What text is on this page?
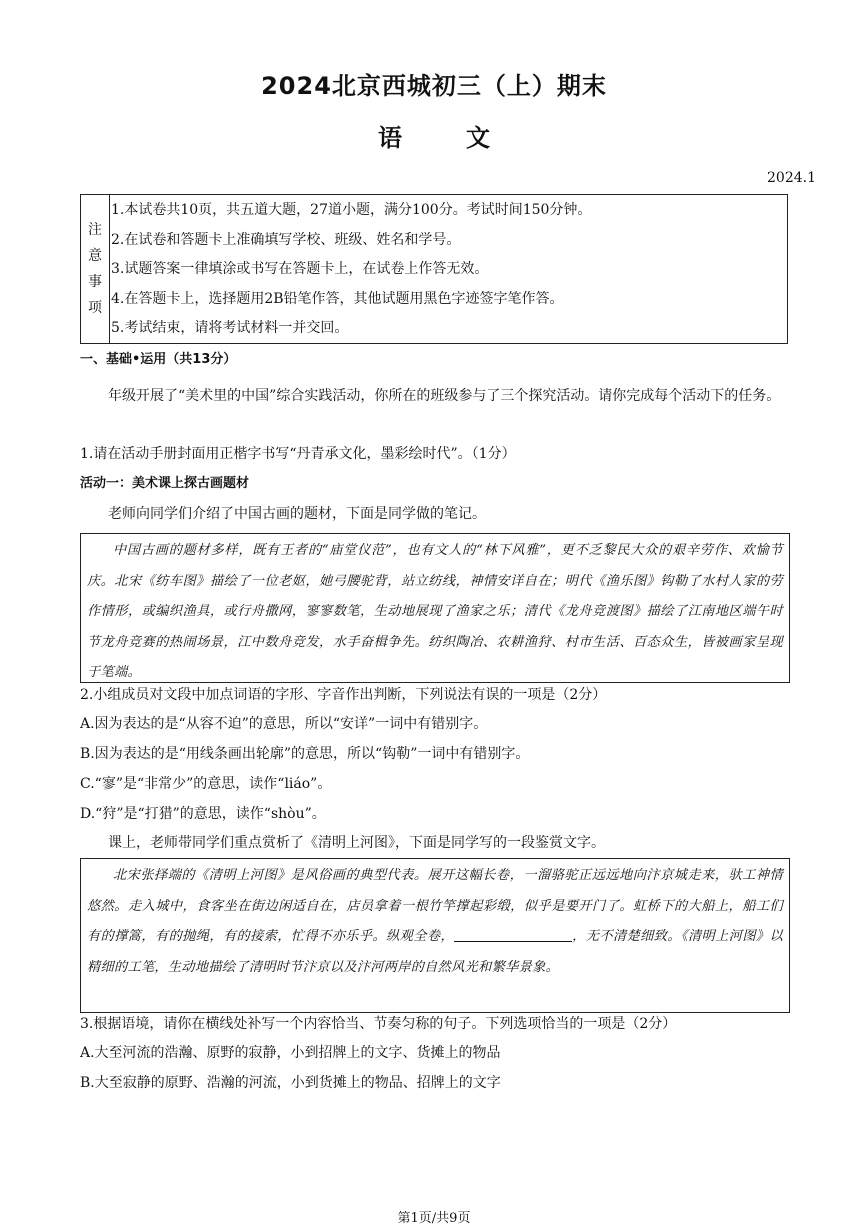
2024北京西城初三（上）期末
语文
2024.1
注
意
事
项
1.本试卷共10页，共五道大题，27道小题，满分100分。考试时间150分钟。
2.在试卷和答题卡上准确填写学校、班级、姓名和学号。
3.试题答案一律填涂或书写在答题卡上，在试卷上作答无效。
4.在答题卡上，选择题用2B铅笔作答，其他试题用黑色字迹签字笔作答。
5.考试结束，请将考试材料一并交回。
一、基础•运用（共13分）
年级开展了“美术里的中国”综合实践活动，你所在的班级参与了三个探究活动。请你完成每个活动下的任务。
1.请在活动手册封面用正楷字书写“丹青承文化，墨彩绘时代”。（1分）
活动一：美术课上探古画题材
老师向同学们介绍了中国古画的题材，下面是同学做的笔记。
中国古画的题材多样，既有王者的“庙堂仪范”，也有文人的“林下风雅”，更不乏黎民大众的艰辛劳作、欢愉节庆。北宋《纺车图》描绘了一位老妪，她弓腰驼背，站立纺线，神情安详自在；明代《渔乐图》钩勒了水村人家的劳作情形，或编织渔具，或行舟撒网，寥寥数笔，生动地展现了渔家之乐；清代《龙舟竞渡图》描绘了江南地区端午时节龙舟竞赛的热闹场景，江中数舟竞发，水手奋楫争先。纺织陶冶、农耕渔狩、村市生活、百态众生，皆被画家呈现于笔端。
2.小组成员对文段中加点词语的字形、字音作出判断，下列说法有误的一项是（2分）
A.因为表达的是“从容不迫”的意思，所以“安详”一词中有错别字。
B.因为表达的是“用线条画出轮廓”的意思，所以“钩勒”一词中有错别字。
C.“寥”是“非常少”的意思，读作“liáo”。
D.“狩”是“打猎”的意思，读作“shòu”。
课上，老师带同学们重点赏析了《清明上河图》，下面是同学写的一段鉴赏文字。
北宋张择端的《清明上河图》是风俗画的典型代表。展开这幅长卷，一溜骆驼正远远地向汴京城走来，驮工神情悠然。走入城中，食客坐在街边闲适自在，店员拿着一根竹竿撑起彩缎，似乎是要开门了。虹桥下的大船上，船工们有的撑篙，有的抛绳，有的接索，忙得不亦乐乎。纵观全卷，	，无不清楚细致。《清明上河图》以精细的工笔，生动地描绘了清明时节汴京以及汴河两岸的自然风光和繁华景象。
3.根据语境，请你在横线处补写一个内容恰当、节奏匀称的句子。下列选项恰当的一项是（2分）
A.大至河流的浩瀚、原野的寂静，小到招牌上的文字、货摊上的物品
B.大至寂静的原野、浩瀚的河流，小到货摊上的物品、招牌上的文字
第1页/共9页
